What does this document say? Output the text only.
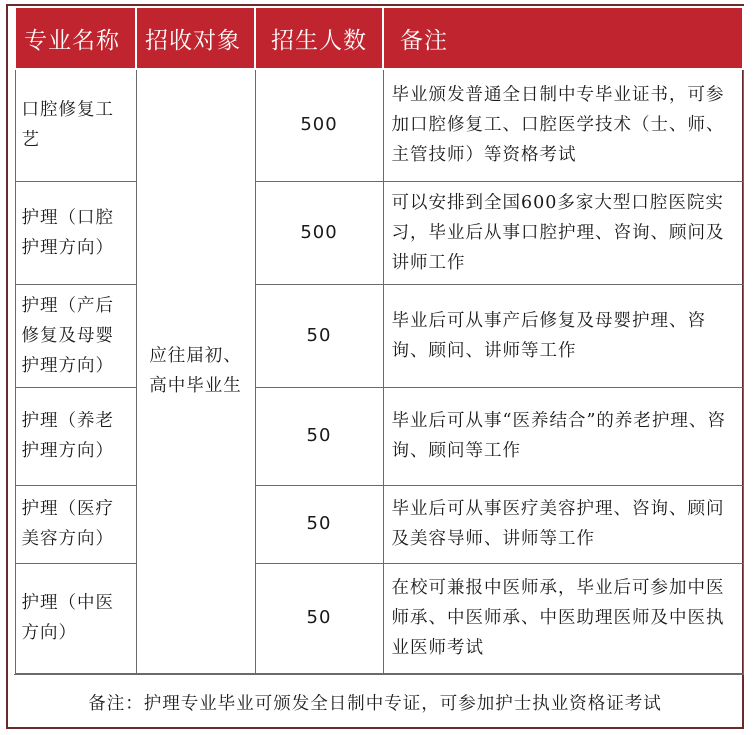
专业名称	招收对象	招生人数	备注
口腔修复工艺	应往届初、高中毕业生	500	毕业颁发普通全日制中专毕业证书，可参加口腔修复工、口腔医学技术（士、师、主管技师）等资格考试
护理（口腔护理方向）		500	可以安排到全国600多家大型口腔医院实习，毕业后从事口腔护理、咨询、顾问及讲师工作
护理（产后修复及母婴护理方向）		50	毕业后可从事产后修复及母婴护理、咨询、顾问、讲师等工作
护理（养老护理方向）		50	毕业后可从事“医养结合”的养老护理、咨询、顾问等工作
护理（医疗美容方向）		50	毕业后可从事医疗美容护理、咨询、顾问及美容导师、讲师等工作
护理（中医方向）		50	在校可兼报中医师承，毕业后可参加中医师承、中医师承、中医助理医师及中医执业医师考试
备注：护理专业毕业可颁发全日制中专证，可参加护士执业资格证考试
